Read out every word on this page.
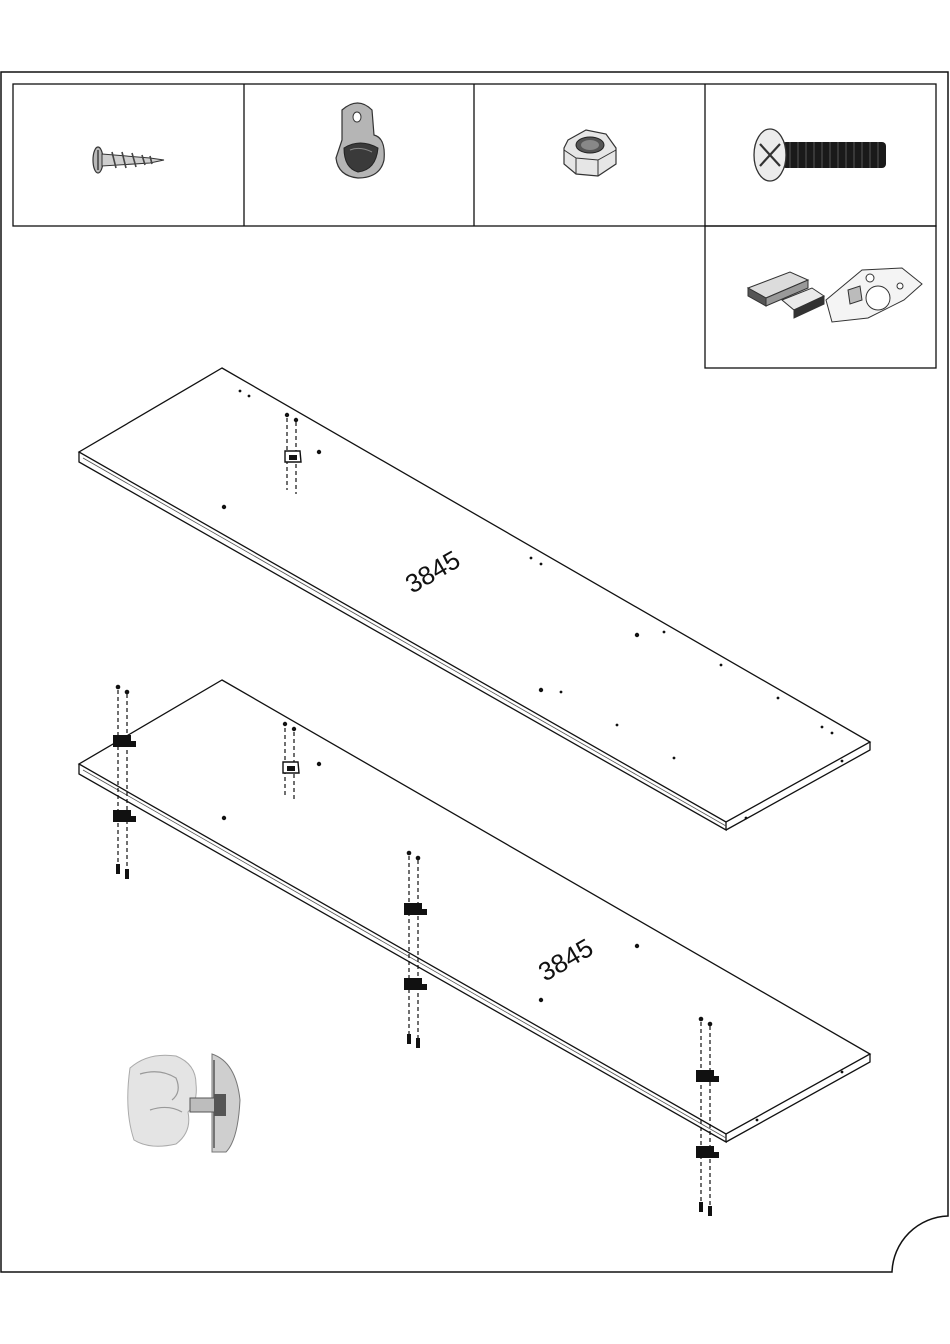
3845
3845
